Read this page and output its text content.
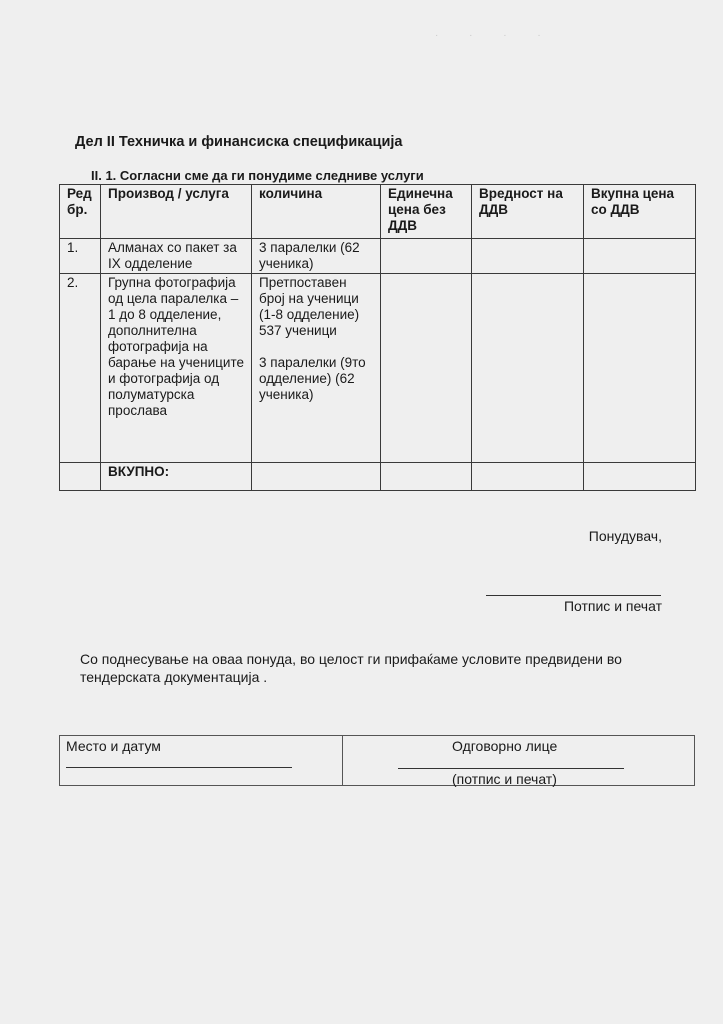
· · · ·
Дел II Техничка и финансиска спецификација
II. 1. Согласни сме да ги понудиме следниве услуги
Ред бр.	Производ / услуга	количина	Единечна цена без ДДВ	Вредност на ДДВ	Вкупна цена со ДДВ
1.	Алманах со пакет за IX одделение	3 паралелки (62 ученика)			
2.	Групна фотографија од цела паралелка – 1 до 8 одделение, дополнителна фотографија на барање на учениците и фотографија од полуматурска прослава	Претпоставен број на ученици (1-8 одделение) 537 ученици
3 паралелки (9то одделение) (62 ученика)			

	ВКУПНО:				
Понудувач,
Потпис и печат
Со поднесување на оваа понуда, во целост ги прифаќаме условите предвидени во тендерската документација .
Место и датум	Одговорно лице
(потпис и печат)
